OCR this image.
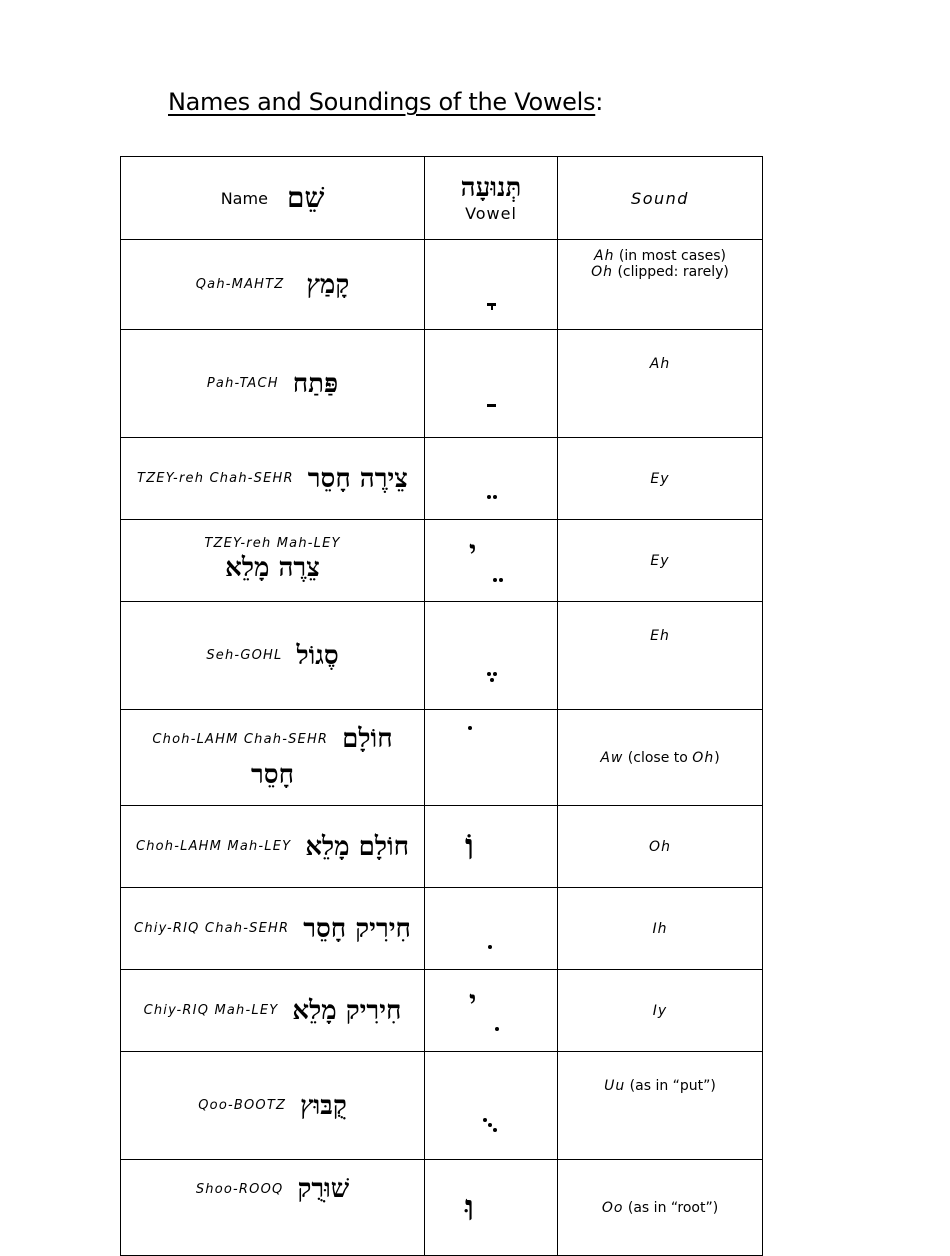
Names and Soundings of the Vowels:
Name שֵׁם	תְּנוּעָה
Vowel	Sound
Qah-MAHTZ קָמַץ		Ah (in most cases)
Oh (clipped: rarely)

Pah-TACH פַּתַח		Ah
TZEY-reh Chah-SEHR צֵירֶה חָסֵר		Ey

TZEY-reh Mah-LEY
צֵרֶה מָלֵא	י	Ey
Seh-GOHL סֶגוֹל		Eh

Choh-LAHM Chah-SEHR חוֹלָם
חָסֵר		Aw (close to Oh)
Choh-LAHM Mah-LEY חוֹלָם מָלֵא	וֹ	Oh
Chiy-RIQ Chah-SEHR חִירִיק חָסֵר		Ih
Chiy-RIQ Mah-LEY חִירִיק מָלֵא	י	Iy
Qoo-BOOTZ קֻבּוּץ		Uu (as in “put”)
Shoo-ROOQ שׁוּרֻק	וּ	Oo (as in “root”)
